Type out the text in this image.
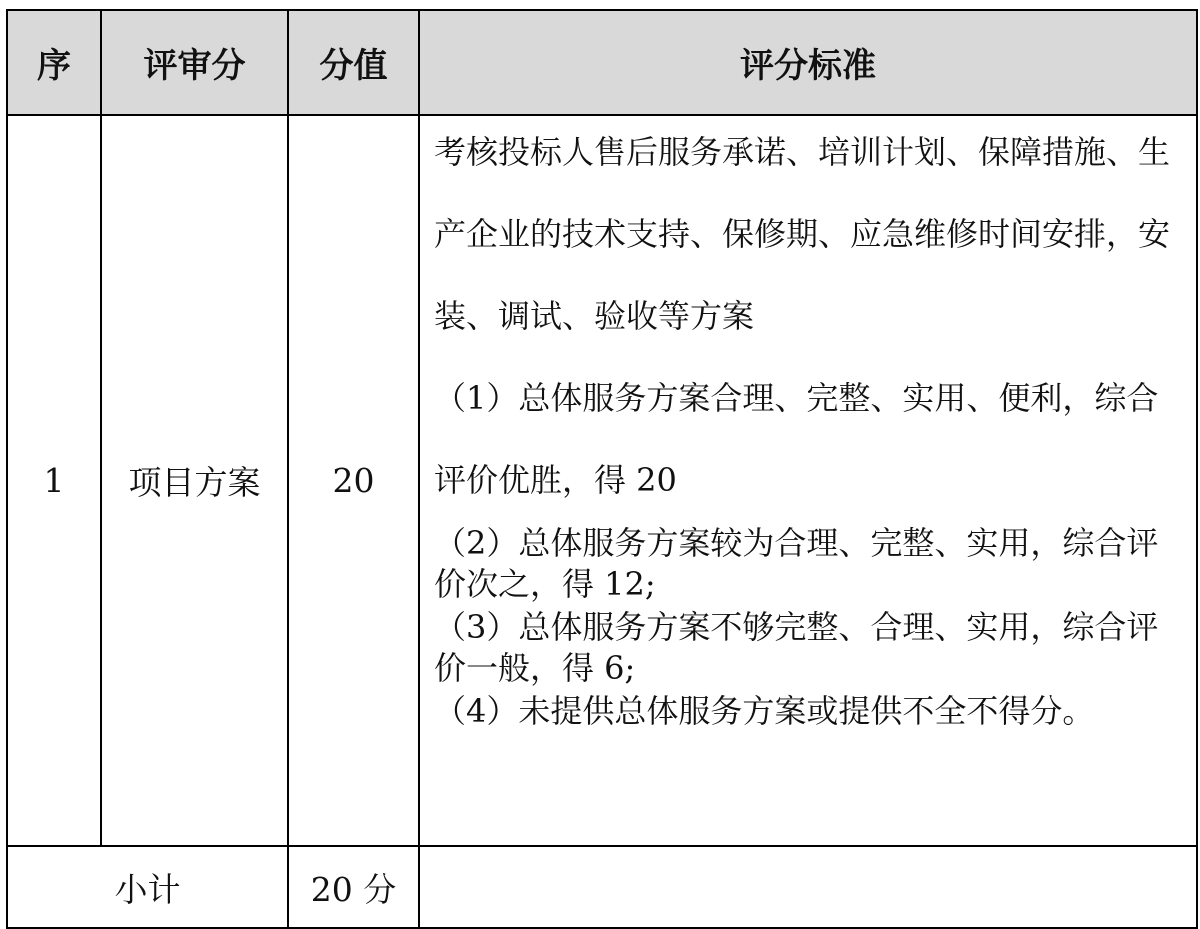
序	评审分	分值	评分标准
1	项目方案	20	考核投标人售后服务承诺、培训计划、保障措施、生产企业的技术支持、保修期、应急维修时间安排，安装、调试、验收等方案
（1）总体服务方案合理、完整、实用、便利，综合评价优胜，得 20
（2）总体服务方案较为合理、完整、实用，综合评价次之，得 12;
（3）总体服务方案不够完整、合理、实用，综合评价一般，得 6;
（4）未提供总体服务方案或提供不全不得分。

小计		20 分	
